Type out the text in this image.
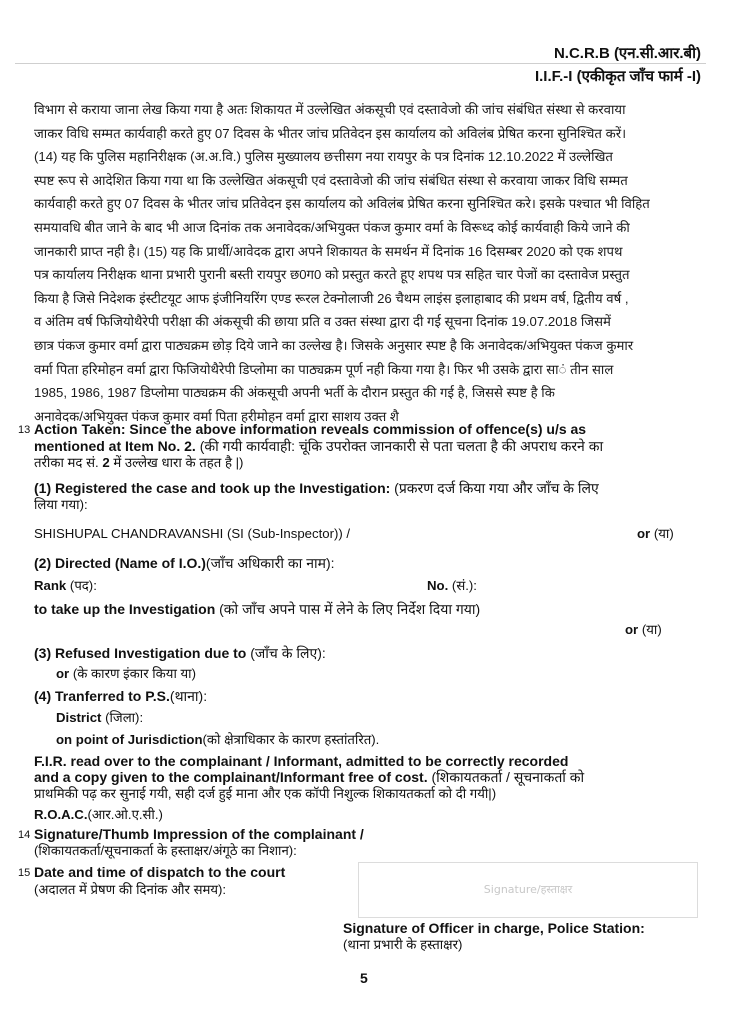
N.C.R.B (एन.सी.आर.बी)
I.I.F.-I (एकीकृत जाँच फार्म -I)
विभाग से कराया जाना लेख किया गया है अतः शिकायत में उल्लेखित अंकसूची एवं दस्तावेजो की जांच संबंधित संस्था से करवाया
जाकर विधि सम्मत कार्यवाही करते हुए 07 दिवस के भीतर जांच प्रतिवेदन इस कार्यालय को अविलंब प्रेषित करना सुनिश्चित करें।
(14) यह कि पुलिस महानिरीक्षक (अ.अ.वि.) पुलिस मुख्यालय छत्तीसग नया रायपुर के पत्र दिनांक 12.10.2022 में उल्लेखित
स्पष्ट रूप से आदेशित किया गया था कि उल्लेखित अंकसूची एवं दस्तावेजो की जांच संबंधित संस्था से करवाया जाकर विधि सम्मत
कार्यवाही करते हुए 07 दिवस के भीतर जांच प्रतिवेदन इस कार्यालय को अविलंब प्रेषित करना सुनिश्चित करे। इसके पश्चात भी विहित
समयावधि बीत जाने के बाद भी आज दिनांक तक अनावेदक/अभियुक्त पंकज कुमार वर्मा के विरूध्द कोई कार्यवाही किये जाने की
जानकारी प्राप्त नही है। (15) यह कि प्रार्थी/आवेदक द्वारा अपने शिकायत के समर्थन में दिनांक 16 दिसम्बर 2020 को एक शपथ
पत्र कार्यालय निरीक्षक थाना प्रभारी पुरानी बस्ती रायपुर छ0ग0 को प्रस्तुत करते हूए शपथ पत्र सहित चार पेजों का दस्तावेज प्रस्तुत
किया है जिसे निदेशक इंस्टीटयूट आफ इंजीनियरिंग एण्ड रूरल टेक्नोलाजी 26 चैथम लाइंस इलाहाबाद की प्रथम वर्ष, द्वितीय वर्ष ,
व अंतिम वर्ष फिजियोथैरेपी परीक्षा की अंकसूची की छाया प्रति व उक्त संस्था द्वारा दी गई सूचना दिनांक 19.07.2018 जिसमें
छात्र पंकज कुमार वर्मा द्वारा पाठ्यक्रम छोड़ दिये जाने का उल्लेख है। जिसके अनुसार स्पष्ट है कि अनावेदक/अभियुक्त पंकज कुमार
वर्मा पिता हरिमोहन वर्मा द्वारा फिजियोथैरेपी डिप्लोमा का पाठ्यक्रम पूर्ण नही किया गया है। फिर भी उसके द्वारा सा◌ं तीन साल
1985, 1986, 1987 डिप्लोमा पाठ्यक्रम की अंकसूची अपनी भर्ती के दौरान प्रस्तुत की गई है, जिससे स्पष्ट है कि
अनावेदक/अभियुक्त पंकज कुमार वर्मा पिता हरीमोहन वर्मा द्वारा साशय उक्त शै
13 Action Taken: Since the above information reveals commission of offence(s) u/s as
mentioned at Item No. 2. (की गयी कार्यवाही: चूंकि उपरोक्त जानकारी से पता चलता है की अपराध करने का
तरीका मद सं. 2 में उल्लेख धारा के तहत है |)
(1) Registered the case and took up the Investigation: (प्रकरण दर्ज किया गया और जाँच के लिए
लिया गया):
SHISHUPAL CHANDRAVANSHI (SI (Sub-Inspector)) /	or (या)
(2) Directed (Name of I.O.)(जाँच अधिकारी का नाम):
Rank (पद):	No. (सं.):
to take up the Investigation (को जाँच अपने पास में लेने के लिए निर्देश दिया गया)
or (या)
(3) Refused Investigation due to (जाँच के लिए):
or (के कारण इंकार किया या)
(4) Tranferred to P.S.(थाना):
District (जिला):
on point of Jurisdiction(को क्षेत्राधिकार के कारण हस्तांतरित).
F.I.R. read over to the complainant / Informant, admitted to be correctly recorded
and a copy given to the complainant/Informant free of cost. (शिकायतकर्ता / सूचनाकर्ता को
प्राथमिकी पढ़ कर सुनाई गयी, सही दर्ज हुई माना और एक कॉपी निशुल्क शिकायतकर्ता को दी गयी|)
R.O.A.C.(आर.ओ.ए.सी.)
14 Signature/Thumb Impression of the complainant /
(शिकायतकर्ता/सूचनाकर्ता के हस्ताक्षर/अंगूठे का निशान):
15 Date and time of dispatch to the court
(अदालत में प्रेषण की दिनांक और समय):	Signature/हस्ताक्षर
Signature of Officer in charge, Police Station:
(थाना प्रभारी के हस्ताक्षर)
5
